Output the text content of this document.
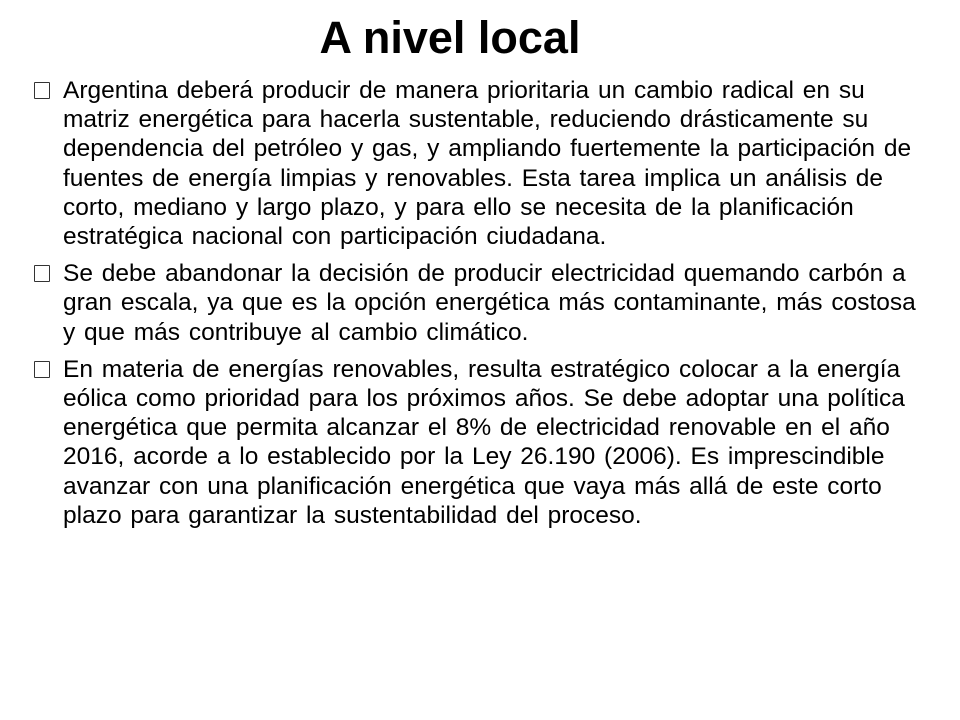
A nivel local
Argentina deberá producir de manera prioritaria un cambio radical en su matriz energética para hacerla sustentable, reduciendo drásticamente su dependencia del petróleo y gas, y ampliando fuertemente la participación de fuentes de energía limpias y renovables. Esta tarea implica un análisis de corto, mediano y largo plazo, y para ello se necesita de la planificación estratégica nacional con participación ciudadana.
Se debe abandonar la decisión de producir electricidad quemando carbón a gran escala, ya que es la opción energética más contaminante, más costosa y que más contribuye al cambio climático.
En materia de energías renovables, resulta estratégico colocar a la energía eólica como prioridad para los próximos años. Se debe adoptar una política energética que permita alcanzar el 8% de electricidad renovable en el año 2016, acorde a lo establecido por la Ley 26.190 (2006). Es imprescindible avanzar con una planificación energética que vaya más allá de este corto plazo para garantizar la sustentabilidad del proceso.
